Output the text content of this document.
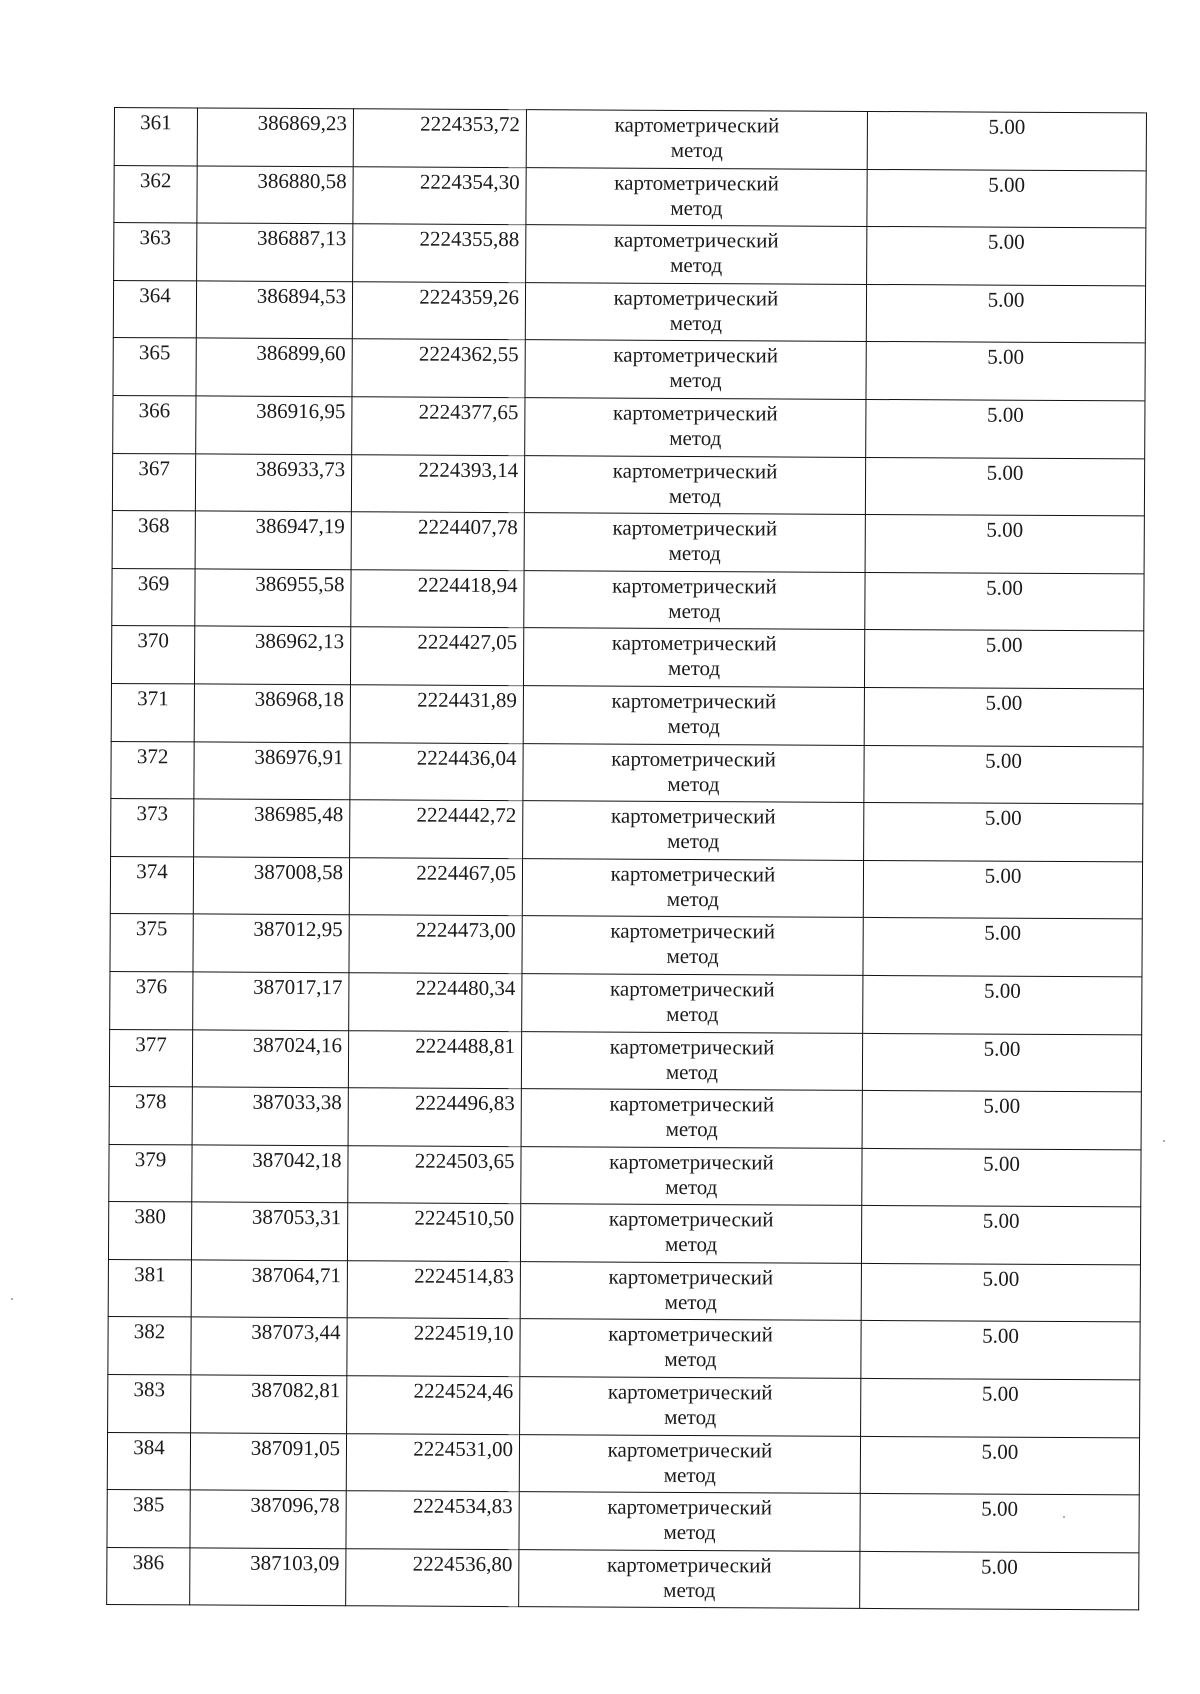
361	386869,23	2224353,72	картометрический
метод	5.00
362	386880,58	2224354,30	картометрический
метод	5.00
363	386887,13	2224355,88	картометрический
метод	5.00
364	386894,53	2224359,26	картометрический
метод	5.00
365	386899,60	2224362,55	картометрический
метод	5.00
366	386916,95	2224377,65	картометрический
метод	5.00
367	386933,73	2224393,14	картометрический
метод	5.00
368	386947,19	2224407,78	картометрический
метод	5.00
369	386955,58	2224418,94	картометрический
метод	5.00
370	386962,13	2224427,05	картометрический
метод	5.00
371	386968,18	2224431,89	картометрический
метод	5.00
372	386976,91	2224436,04	картометрический
метод	5.00
373	386985,48	2224442,72	картометрический
метод	5.00
374	387008,58	2224467,05	картометрический
метод	5.00
375	387012,95	2224473,00	картометрический
метод	5.00
376	387017,17	2224480,34	картометрический
метод	5.00
377	387024,16	2224488,81	картометрический
метод	5.00
378	387033,38	2224496,83	картометрический
метод	5.00
379	387042,18	2224503,65	картометрический
метод	5.00
380	387053,31	2224510,50	картометрический
метод	5.00
381	387064,71	2224514,83	картометрический
метод	5.00
382	387073,44	2224519,10	картометрический
метод	5.00
383	387082,81	2224524,46	картометрический
метод	5.00
384	387091,05	2224531,00	картометрический
метод	5.00
385	387096,78	2224534,83	картометрический
метод	5.00
386	387103,09	2224536,80	картометрический
метод	5.00
